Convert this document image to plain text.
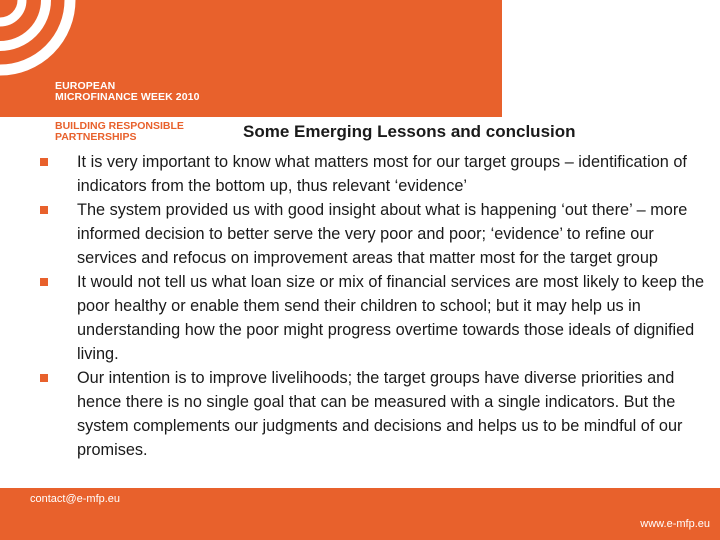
EUROPEAN
MICROFINANCE WEEK 2010
BUILDING RESPONSIBLE
PARTNERSHIPS	Some Emerging Lessons and conclusion
It is very important to know what matters most for our target groups – identification of indicators from the bottom up, thus relevant ‘evidence’
The system provided us with good insight about what is happening ‘out there’ – more informed decision to better serve the very poor and poor; ‘evidence’ to refine our services and refocus on improvement areas that matter most for the target group
It would not tell us what loan size or mix of financial services are most likely to keep the poor healthy or enable them send their children to school; but it may help us in understanding how the poor might progress overtime towards those ideals of dignified living.
Our intention is to improve livelihoods; the target groups have diverse priorities and hence there is no single goal that can be measured with a single indicators. But the system complements our judgments and decisions and helps us to be mindful of our promises.
contact@e-mfp.eu
www.e-mfp.eu
